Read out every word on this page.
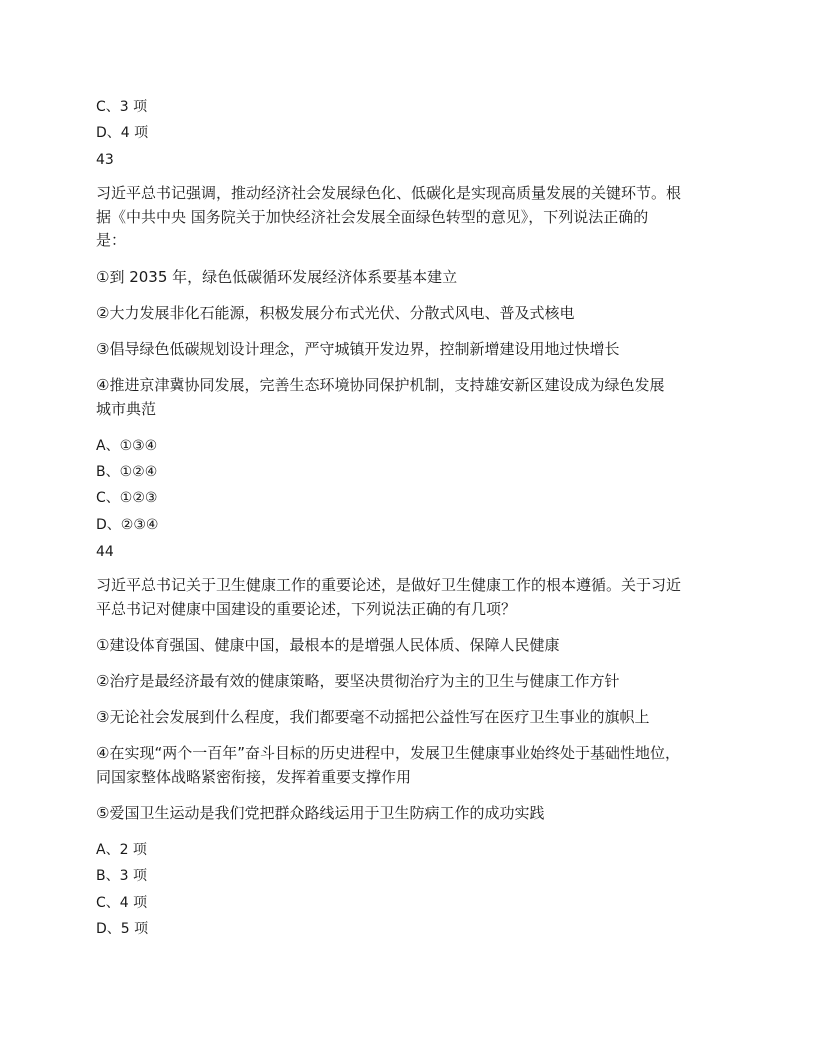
C、3 项
D、4 项
43
习近平总书记强调，推动经济社会发展绿色化、低碳化是实现高质量发展的关键环节。根
据《中共中央 国务院关于加快经济社会发展全面绿色转型的意见》，下列说法正确的
是：
①到 2035 年，绿色低碳循环发展经济体系要基本建立
②大力发展非化石能源，积极发展分布式光伏、分散式风电、普及式核电
③倡导绿色低碳规划设计理念，严守城镇开发边界，控制新增建设用地过快增长
④推进京津冀协同发展，完善生态环境协同保护机制，支持雄安新区建设成为绿色发展
城市典范
A、①③④
B、①②④
C、①②③
D、②③④
44
习近平总书记关于卫生健康工作的重要论述，是做好卫生健康工作的根本遵循。关于习近
平总书记对健康中国建设的重要论述，下列说法正确的有几项？
①建设体育强国、健康中国，最根本的是增强人民体质、保障人民健康
②治疗是最经济最有效的健康策略，要坚决贯彻治疗为主的卫生与健康工作方针
③无论社会发展到什么程度，我们都要毫不动摇把公益性写在医疗卫生事业的旗帜上
④在实现“两个一百年”奋斗目标的历史进程中，发展卫生健康事业始终处于基础性地位，
同国家整体战略紧密衔接，发挥着重要支撑作用
⑤爱国卫生运动是我们党把群众路线运用于卫生防病工作的成功实践
A、2 项
B、3 项
C、4 项
D、5 项
